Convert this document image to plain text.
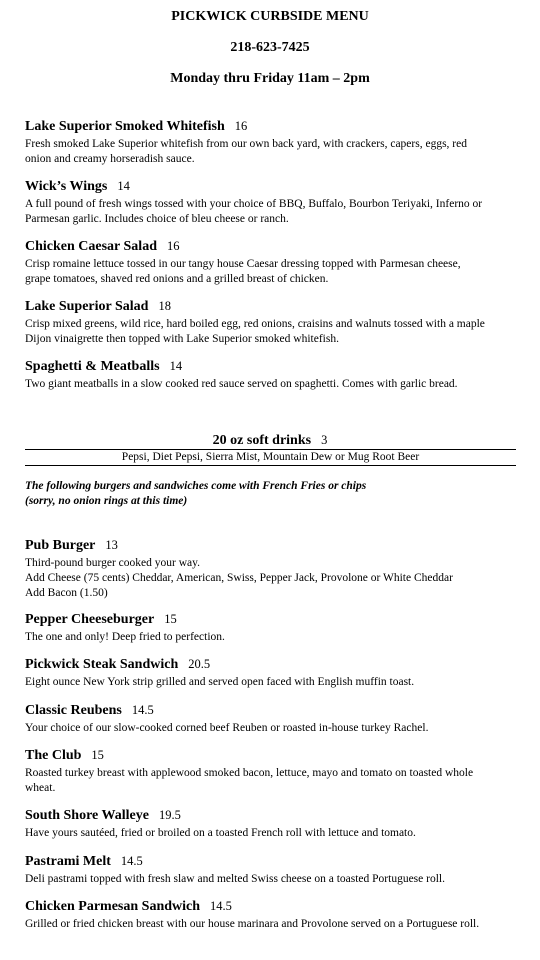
PICKWICK CURBSIDE MENU
218-623-7425
Monday thru Friday 11am – 2pm
Lake Superior Smoked Whitefish 16
Fresh smoked Lake Superior whitefish from our own back yard, with crackers, capers, eggs, red
onion and creamy horseradish sauce.
Wick’s Wings 14
A full pound of fresh wings tossed with your choice of BBQ, Buffalo, Bourbon Teriyaki, Inferno or
Parmesan garlic. Includes choice of bleu cheese or ranch.
Chicken Caesar Salad 16
Crisp romaine lettuce tossed in our tangy house Caesar dressing topped with Parmesan cheese,
grape tomatoes, shaved red onions and a grilled breast of chicken.
Lake Superior Salad 18
Crisp mixed greens, wild rice, hard boiled egg, red onions, craisins and walnuts tossed with a maple
Dijon vinaigrette then topped with Lake Superior smoked whitefish.
Spaghetti & Meatballs 14
Two giant meatballs in a slow cooked red sauce served on spaghetti. Comes with garlic bread.
20 oz soft drinks 3
Pepsi, Diet Pepsi, Sierra Mist, Mountain Dew or Mug Root Beer
The following burgers and sandwiches come with French Fries or chips
(sorry, no onion rings at this time)
Pub Burger 13
Third-pound burger cooked your way.
Add Cheese (75 cents) Cheddar, American, Swiss, Pepper Jack, Provolone or White Cheddar
Add Bacon (1.50)
Pepper Cheeseburger 15
The one and only! Deep fried to perfection.
Pickwick Steak Sandwich 20.5
Eight ounce New York strip grilled and served open faced with English muffin toast.
Classic Reubens 14.5
Your choice of our slow-cooked corned beef Reuben or roasted in-house turkey Rachel.
The Club 15
Roasted turkey breast with applewood smoked bacon, lettuce, mayo and tomato on toasted whole
wheat.
South Shore Walleye 19.5
Have yours sautéed, fried or broiled on a toasted French roll with lettuce and tomato.
Pastrami Melt 14.5
Deli pastrami topped with fresh slaw and melted Swiss cheese on a toasted Portuguese roll.
Chicken Parmesan Sandwich 14.5
Grilled or fried chicken breast with our house marinara and Provolone served on a Portuguese roll.
